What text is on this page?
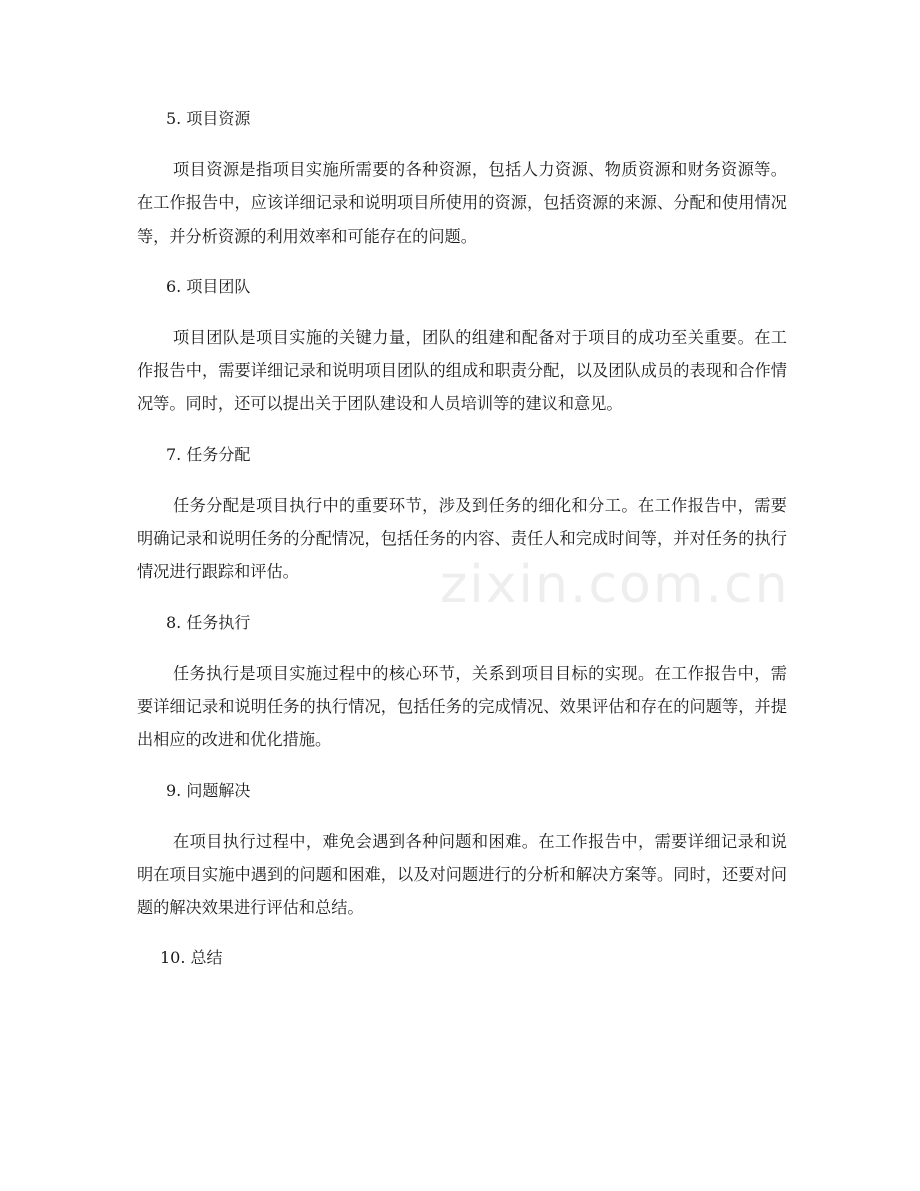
5. 项目资源

项目资源是指项目实施所需要的各种资源，包括人力资源、物质资源和财务资源等。在工作报告中，应该详细记录和说明项目所使用的资源，包括资源的来源、分配和使用情况等，并分析资源的利用效率和可能存在的问题。

6. 项目团队

项目团队是项目实施的关键力量，团队的组建和配备对于项目的成功至关重要。在工作报告中，需要详细记录和说明项目团队的组成和职责分配，以及团队成员的表现和合作情况等。同时，还可以提出关于团队建设和人员培训等的建议和意见。

7. 任务分配

任务分配是项目执行中的重要环节，涉及到任务的细化和分工。在工作报告中，需要明确记录和说明任务的分配情况，包括任务的内容、责任人和完成时间等，并对任务的执行情况进行跟踪和评估。

8. 任务执行

任务执行是项目实施过程中的核心环节，关系到项目目标的实现。在工作报告中，需要详细记录和说明任务的执行情况，包括任务的完成情况、效果评估和存在的问题等，并提出相应的改进和优化措施。

9. 问题解决

在项目执行过程中，难免会遇到各种问题和困难。在工作报告中，需要详细记录和说明在项目实施中遇到的问题和困难，以及对问题进行的分析和解决方案等。同时，还要对问题的解决效果进行评估和总结。

10. 总结
zixin.com.cn
